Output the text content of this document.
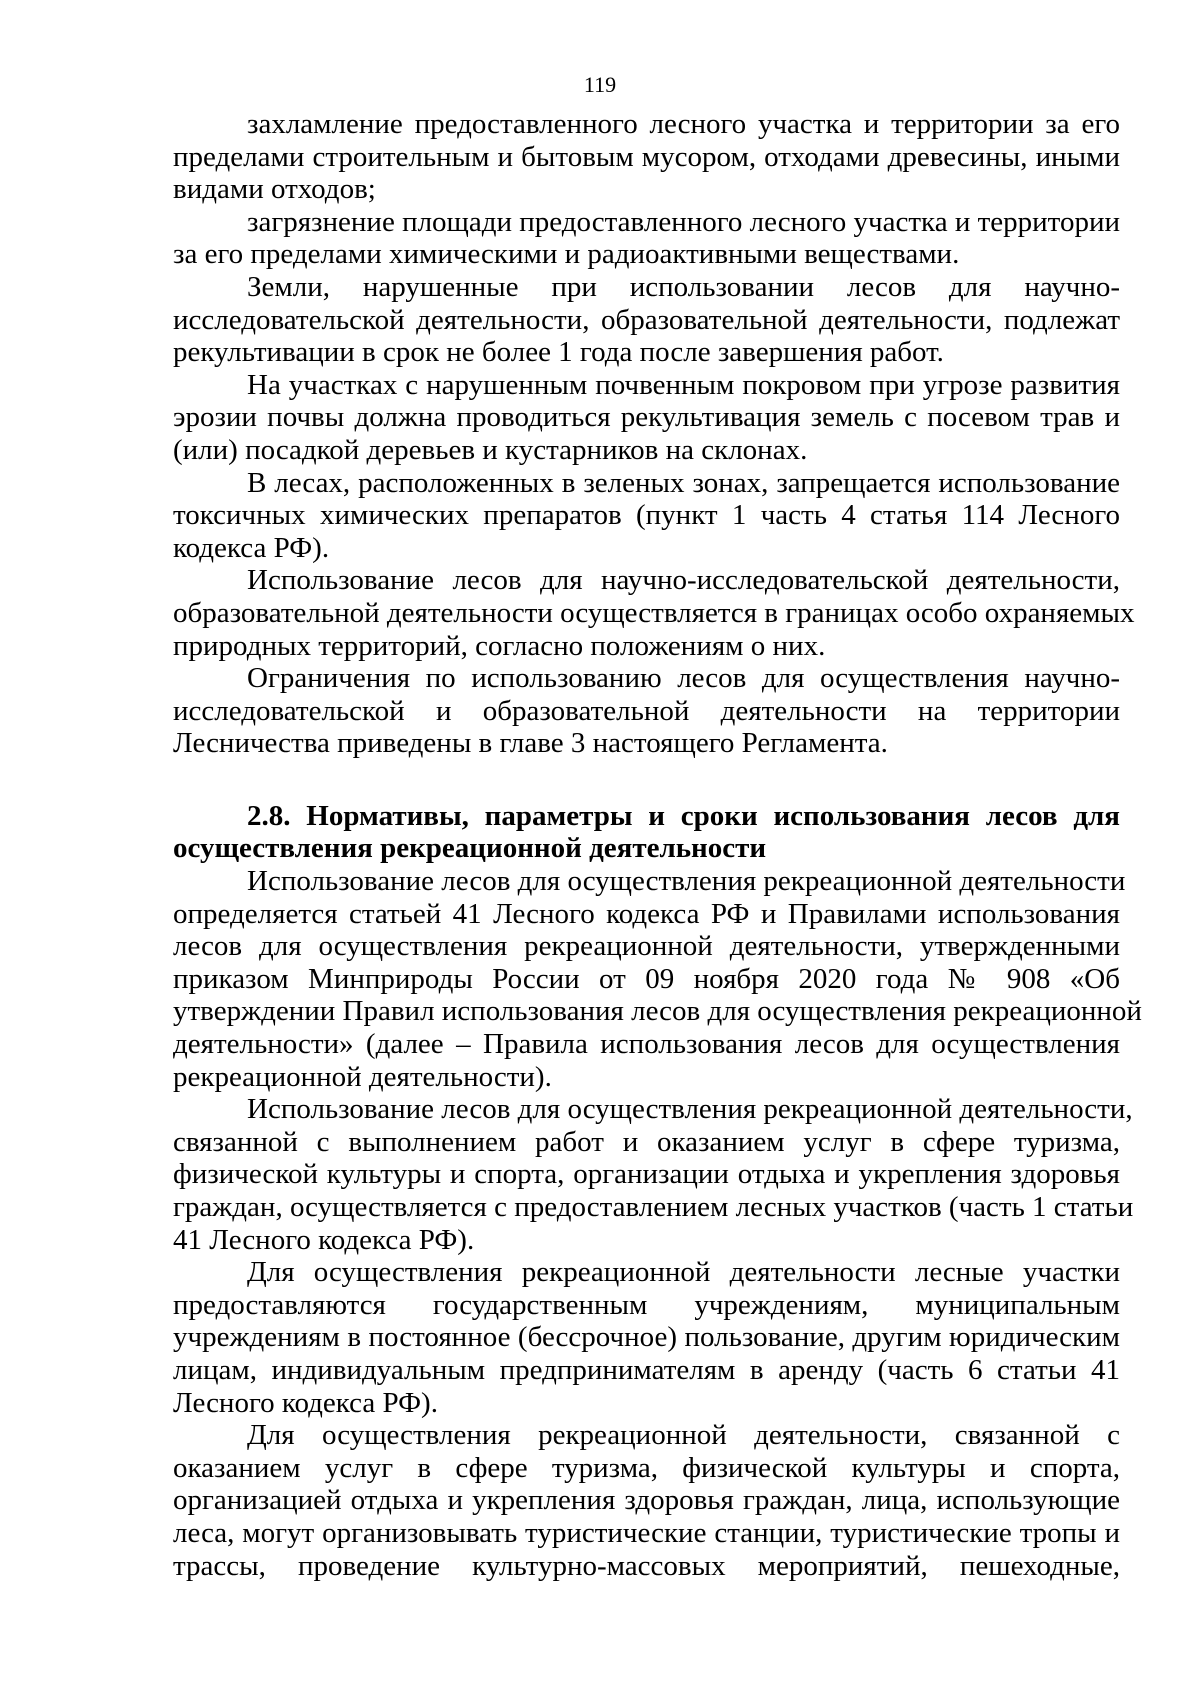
119
захламление предоставленного лесного участка и территории за его
пределами строительным и бытовым мусором, отходами древесины, иными
видами отходов;
загрязнение площади предоставленного лесного участка и территории
за его пределами химическими и радиоактивными веществами.
Земли, нарушенные при использовании лесов для научно-
исследовательской деятельности, образовательной деятельности, подлежат
рекультивации в срок не более 1 года после завершения работ.
На участках с нарушенным почвенным покровом при угрозе развития
эрозии почвы должна проводиться рекультивация земель с посевом трав и
(или) посадкой деревьев и кустарников на склонах.
В лесах, расположенных в зеленых зонах, запрещается использование
токсичных химических препаратов (пункт 1 часть 4 статья 114 Лесного
кодекса РФ).
Использование лесов для научно-исследовательской деятельности,
образовательной деятельности осуществляется в границах особо охраняемых
природных территорий, согласно положениям о них.
Ограничения по использованию лесов для осуществления научно-
исследовательской и образовательной деятельности на территории
Лесничества приведены в главе 3 настоящего Регламента.
2.8. Нормативы, параметры и сроки использования лесов для
осуществления рекреационной деятельности
Использование лесов для осуществления рекреационной деятельности
определяется статьей 41 Лесного кодекса РФ и Правилами использования
лесов для осуществления рекреационной деятельности, утвержденными
приказом Минприроды России от 09 ноября 2020 года № 908 «Об
утверждении Правил использования лесов для осуществления рекреационной
деятельности» (далее – Правила использования лесов для осуществления
рекреационной деятельности).
Использование лесов для осуществления рекреационной деятельности,
связанной с выполнением работ и оказанием услуг в сфере туризма,
физической культуры и спорта, организации отдыха и укрепления здоровья
граждан, осуществляется с предоставлением лесных участков (часть 1 статьи
41 Лесного кодекса РФ).
Для осуществления рекреационной деятельности лесные участки
предоставляются государственным учреждениям, муниципальным
учреждениям в постоянное (бессрочное) пользование, другим юридическим
лицам, индивидуальным предпринимателям в аренду (часть 6 статьи 41
Лесного кодекса РФ).
Для осуществления рекреационной деятельности, связанной с
оказанием услуг в сфере туризма, физической культуры и спорта,
организацией отдыха и укрепления здоровья граждан, лица, использующие
леса, могут организовывать туристические станции, туристические тропы и
трассы, проведение культурно-массовых мероприятий, пешеходные,
